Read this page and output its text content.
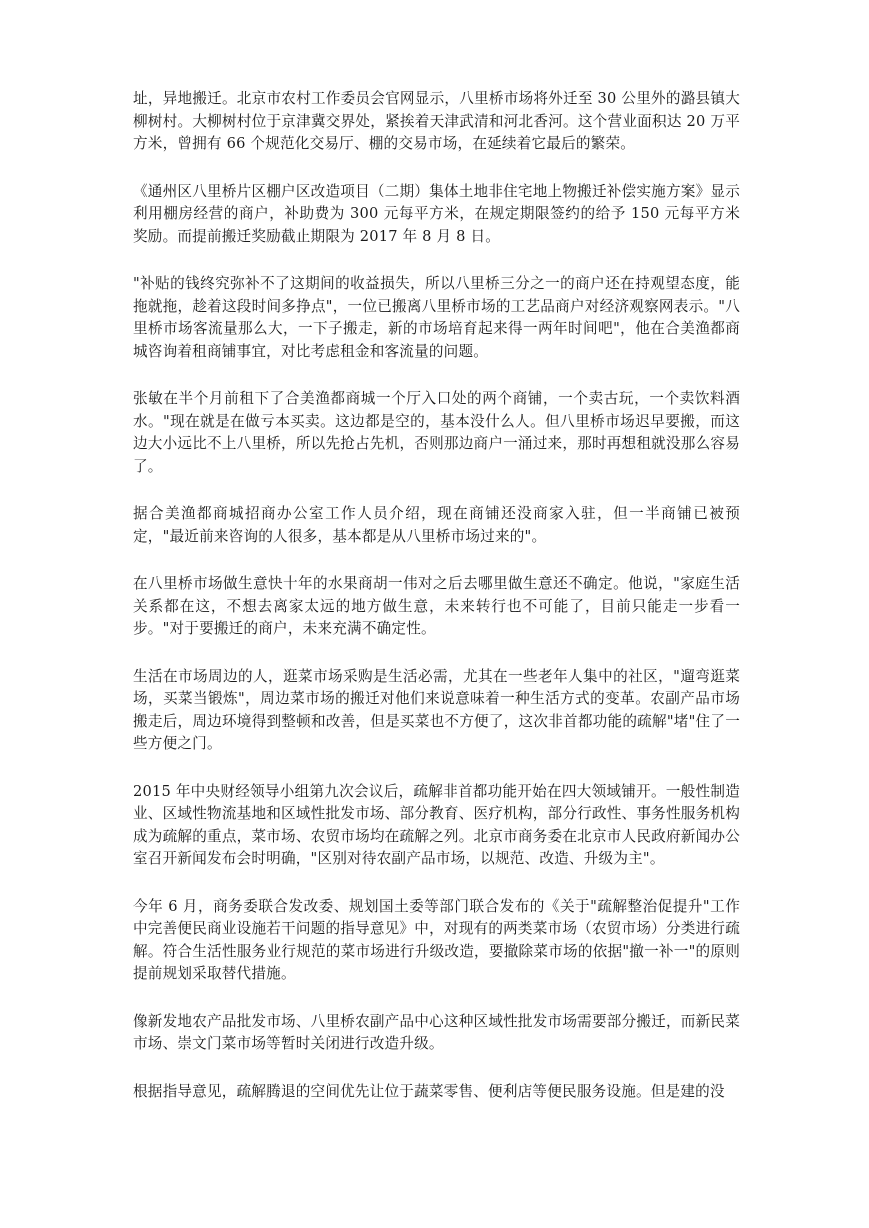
址，异地搬迁。北京市农村工作委员会官网显示，八里桥市场将外迁至 30 公里外的潞县镇大柳树村。大柳树村位于京津冀交界处，紧挨着天津武清和河北香河。这个营业面积达 20 万平方米，曾拥有 66 个规范化交易厅、棚的交易市场，在延续着它最后的繁荣。

《通州区八里桥片区棚户区改造项目（二期）集体土地非住宅地上物搬迁补偿实施方案》显示利用棚房经营的商户，补助费为 300 元每平方米，在规定期限签约的给予 150 元每平方米奖励。而提前搬迁奖励截止期限为 2017 年 8 月 8 日。

"补贴的钱终究弥补不了这期间的收益损失，所以八里桥三分之一的商户还在持观望态度，能拖就拖，趁着这段时间多挣点"，一位已搬离八里桥市场的工艺品商户对经济观察网表示。"八里桥市场客流量那么大，一下子搬走，新的市场培育起来得一两年时间吧"，他在合美渔都商城咨询着租商铺事宜，对比考虑租金和客流量的问题。

张敏在半个月前租下了合美渔都商城一个厅入口处的两个商铺，一个卖古玩，一个卖饮料酒水。"现在就是在做亏本买卖。这边都是空的，基本没什么人。但八里桥市场迟早要搬，而这边大小远比不上八里桥，所以先抢占先机，否则那边商户一涌过来，那时再想租就没那么容易了。

据合美渔都商城招商办公室工作人员介绍，现在商铺还没商家入驻，但一半商铺已被预定，"最近前来咨询的人很多，基本都是从八里桥市场过来的"。

在八里桥市场做生意快十年的水果商胡一伟对之后去哪里做生意还不确定。他说，"家庭生活关系都在这，不想去离家太远的地方做生意，未来转行也不可能了，目前只能走一步看一步。"对于要搬迁的商户，未来充满不确定性。

生活在市场周边的人，逛菜市场采购是生活必需，尤其在一些老年人集中的社区，"遛弯逛菜场，买菜当锻炼"，周边菜市场的搬迁对他们来说意味着一种生活方式的变革。农副产品市场搬走后，周边环境得到整顿和改善，但是买菜也不方便了，这次非首都功能的疏解"堵"住了一些方便之门。

2015 年中央财经领导小组第九次会议后，疏解非首都功能开始在四大领域铺开。一般性制造业、区域性物流基地和区域性批发市场、部分教育、医疗机构，部分行政性、事务性服务机构成为疏解的重点，菜市场、农贸市场均在疏解之列。北京市商务委在北京市人民政府新闻办公室召开新闻发布会时明确，"区别对待农副产品市场，以规范、改造、升级为主"。

今年 6 月，商务委联合发改委、规划国土委等部门联合发布的《关于"疏解整治促提升"工作中完善便民商业设施若干问题的指导意见》中，对现有的两类菜市场（农贸市场）分类进行疏解。符合生活性服务业行规范的菜市场进行升级改造，要撤除菜市场的依据"撤一补一"的原则提前规划采取替代措施。

像新发地农产品批发市场、八里桥农副产品中心这种区域性批发市场需要部分搬迁，而新民菜市场、崇文门菜市场等暂时关闭进行改造升级。

根据指导意见，疏解腾退的空间优先让位于蔬菜零售、便利店等便民服务设施。但是建的没
